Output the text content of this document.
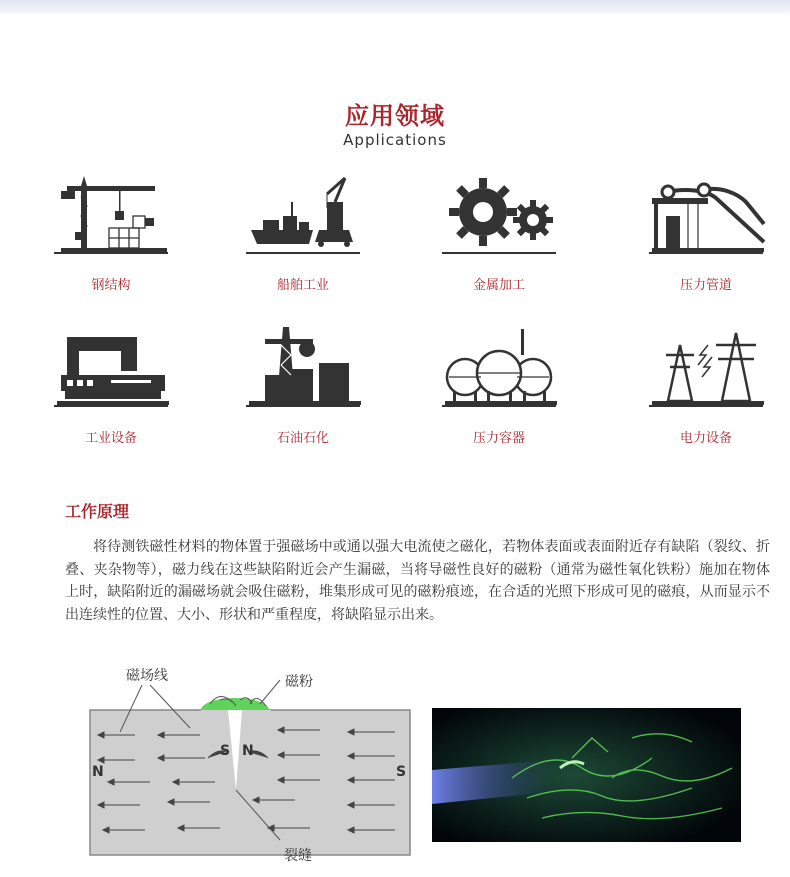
应用领域
Applications
钢结构	船舶工业	金属加工	压力管道
工业设备	石油石化	压力容器	电力设备
工作原理
将待测铁磁性材料的物体置于强磁场中或通以强大电流使之磁化，若物体表面或表面附近存有缺陷（裂纹、折叠、夹杂物等），磁力线在这些缺陷附近会产生漏磁，当将导磁性良好的磁粉（通常为磁性氧化铁粉）施加在物体上时，缺陷附近的漏磁场就会吸住磁粉，堆集形成可见的磁粉痕迹，在合适的光照下形成可见的磁痕，从而显示不出连续性的位置、大小、形状和严重程度，将缺陷显示出来。
N	S
S N
磁场线	磁粉
裂缝
